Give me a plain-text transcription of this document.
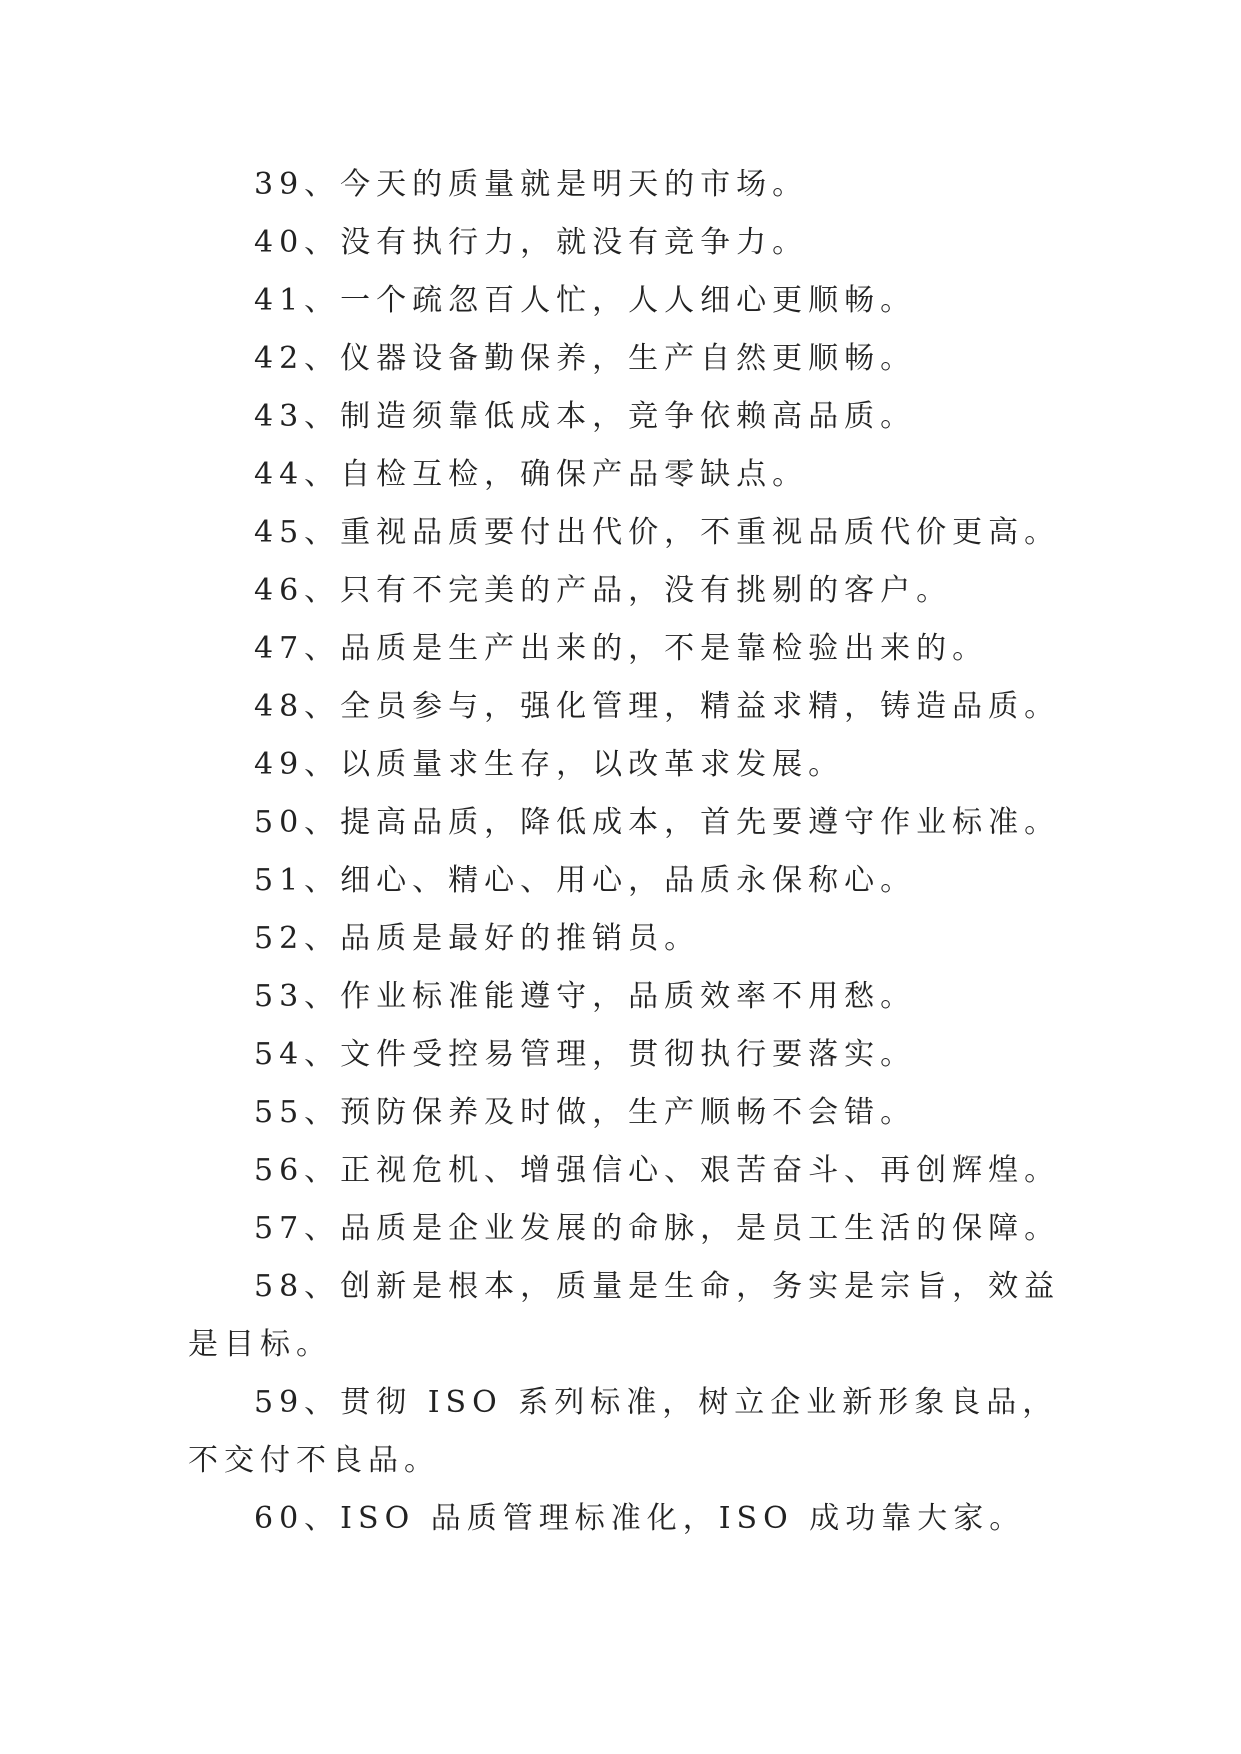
39、今天的质量就是明天的市场。

40、没有执行力，就没有竞争力。

41、一个疏忽百人忙，人人细心更顺畅。

42、仪器设备勤保养，生产自然更顺畅。

43、制造须靠低成本，竞争依赖高品质。

44、自检互检，确保产品零缺点。

45、重视品质要付出代价，不重视品质代价更高。

46、只有不完美的产品，没有挑剔的客户。

47、品质是生产出来的，不是靠检验出来的。

48、全员参与，强化管理，精益求精，铸造品质。

49、以质量求生存，以改革求发展。

50、提高品质，降低成本，首先要遵守作业标准。

51、细心、精心、用心，品质永保称心。

52、品质是最好的推销员。

53、作业标准能遵守，品质效率不用愁。

54、文件受控易管理，贯彻执行要落实。

55、预防保养及时做，生产顺畅不会错。

56、正视危机、增强信心、艰苦奋斗、再创辉煌。

57、品质是企业发展的命脉，是员工生活的保障。

58、创新是根本，质量是生命，务实是宗旨，效益是目标。

59、贯彻 ISO 系列标准，树立企业新形象良品，不交付不良品。

60、ISO 品质管理标准化，ISO 成功靠大家。
